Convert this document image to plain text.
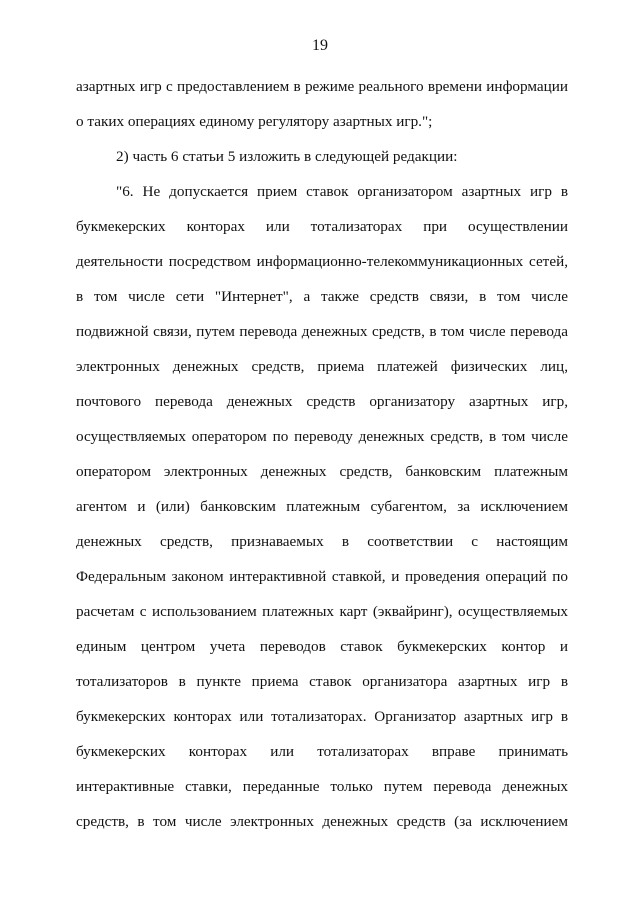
19
азартных игр с предоставлением в режиме реального времени информации
о таких операциях единому регулятору азартных игр.";
2) часть 6 статьи 5 изложить в следующей редакции:
"6. Не допускается прием ставок организатором азартных игр в
букмекерских конторах или тотализаторах при осуществлении
деятельности посредством информационно-телекоммуникационных сетей,
в том числе сети "Интернет", а также средств связи, в том числе
подвижной связи, путем перевода денежных средств, в том числе перевода
электронных денежных средств, приема платежей физических лиц,
почтового перевода денежных средств организатору азартных игр,
осуществляемых оператором по переводу денежных средств, в том числе
оператором электронных денежных средств, банковским платежным
агентом и (или) банковским платежным субагентом, за исключением
денежных средств, признаваемых в соответствии с настоящим
Федеральным законом интерактивной ставкой, и проведения операций по
расчетам с использованием платежных карт (эквайринг), осуществляемых
единым центром учета переводов ставок букмекерских контор и
тотализаторов в пункте приема ставок организатора азартных игр в
букмекерских конторах или тотализаторах. Организатор азартных игр в
букмекерских конторах или тотализаторах вправе принимать
интерактивные ставки, переданные только путем перевода денежных
средств, в том числе электронных денежных средств (за исключением
